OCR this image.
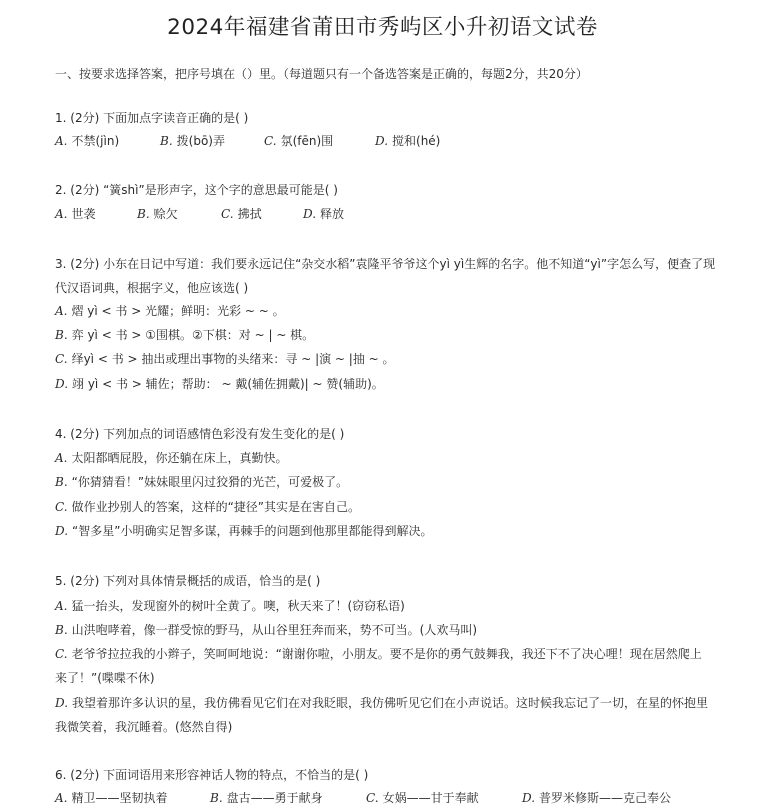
2024年福建省莆田市秀屿区小升初语文试卷
一、按要求选择答案，把序号填在（）里。（每道题只有一个备选答案是正确的，每题2分，共20分）
1. (2分) 下面加点字读音正确的是( )
A. 不禁(jìn)	B. 拨(bō)弄	C. 氛(fēn)围	D. 搅和(hé)
2. (2分) “簧shì”是形声字，这个字的意思最可能是( )
A. 世袭	B. 赊欠	C. 拂拭	D. 释放
3. (2分) 小东在日记中写道：我们要永远记住“杂交水稻”袁隆平爷爷这个yì yì生辉的名字。他不知道“yì”字怎么写，便查了现
代汉语词典，根据字义，他应该选( )
A. 熠 yì < 书 > 光耀；鲜明：光彩 ~ ~ 。
B. 弈 yì < 书 > ①围棋。②下棋：对 ~ | ~ 棋。
C. 绎yì < 书 > 抽出或理出事物的头绪来：寻 ~ |演 ~ |抽 ~ 。
D. 翊 yì < 书 > 辅佐；帮助： ~ 戴(辅佐拥戴)| ~ 赞(辅助)。
4. (2分) 下列加点的词语感情色彩没有发生变化的是( )
A. 太阳都晒屁股，你还躺在床上，真勤快。
B. “你猜猜看！”妹妹眼里闪过狡猾的光芒，可爱极了。
C. 做作业抄别人的答案，这样的“捷径”其实是在害自己。
D. “智多星”小明确实足智多谋，再棘手的问题到他那里都能得到解决。
5. (2分) 下列对具体情景概括的成语，恰当的是( )
A. 猛一抬头，发现窗外的树叶全黄了。噢，秋天来了！(窃窃私语)
B. 山洪咆哮着，像一群受惊的野马，从山谷里狂奔而来，势不可当。(人欢马叫)
C. 老爷爷拉拉我的小辫子，笑呵呵地说：“谢谢你啦，小朋友。要不是你的勇气鼓舞我，我还下不了决心哩！现在居然爬上
来了！”(喋喋不休)
D. 我望着那许多认识的星，我仿佛看见它们在对我眨眼，我仿佛听见它们在小声说话。这时候我忘记了一切，在星的怀抱里
我微笑着，我沉睡着。(悠然自得)
6. (2分) 下面词语用来形容神话人物的特点，不恰当的是( )
A. 精卫——坚韧执着	B. 盘古——勇于献身	C. 女娲——甘于奉献	D. 普罗米修斯——克己奉公
